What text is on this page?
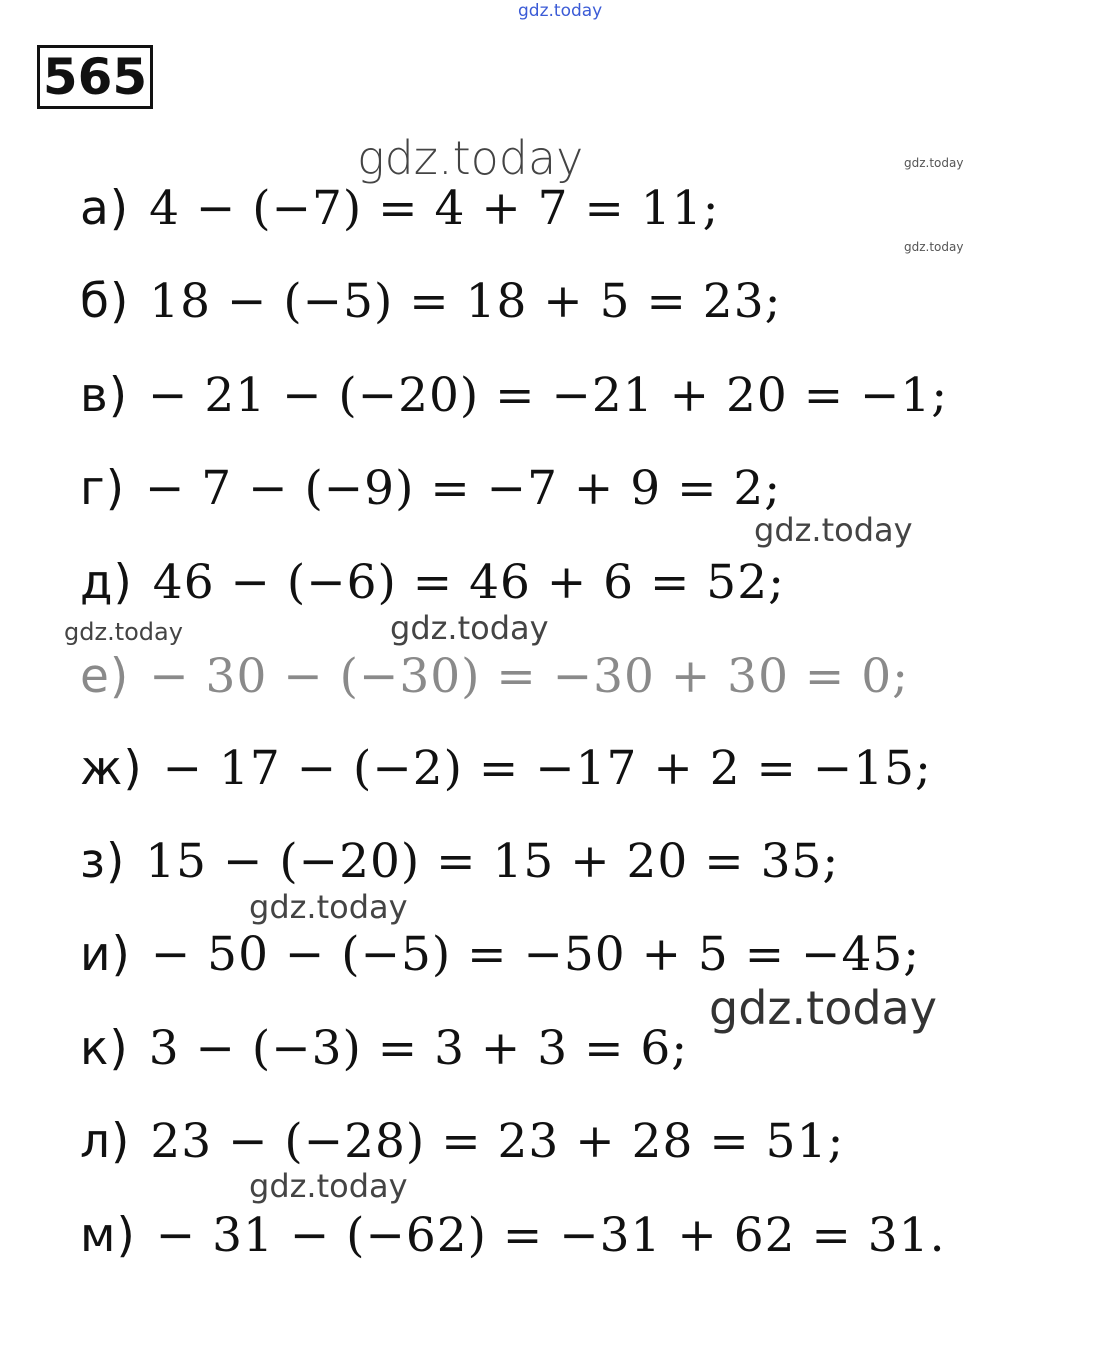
565
а) 4 − (−7) = 4 + 7 = 11;
б) 18 − (−5) = 18 + 5 = 23;
в) − 21 − (−20) = −21 + 20 = −1;
г) − 7 − (−9) = −7 + 9 = 2;
д) 46 − (−6) = 46 + 6 = 52;
е) − 30 − (−30) = −30 + 30 = 0;
ж) − 17 − (−2) = −17 + 2 = −15;
з) 15 − (−20) = 15 + 20 = 35;
и) − 50 − (−5) = −50 + 5 = −45;
к) 3 − (−3) = 3 + 3 = 6;
л) 23 − (−28) = 23 + 28 = 51;
м) − 31 − (−62) = −31 + 62 = 31.
gdz.today
gdz.today	gdz.today
gdz.today
gdz.today
gdz.today	gdz.today
gdz.today
gdz.today
gdz.today
